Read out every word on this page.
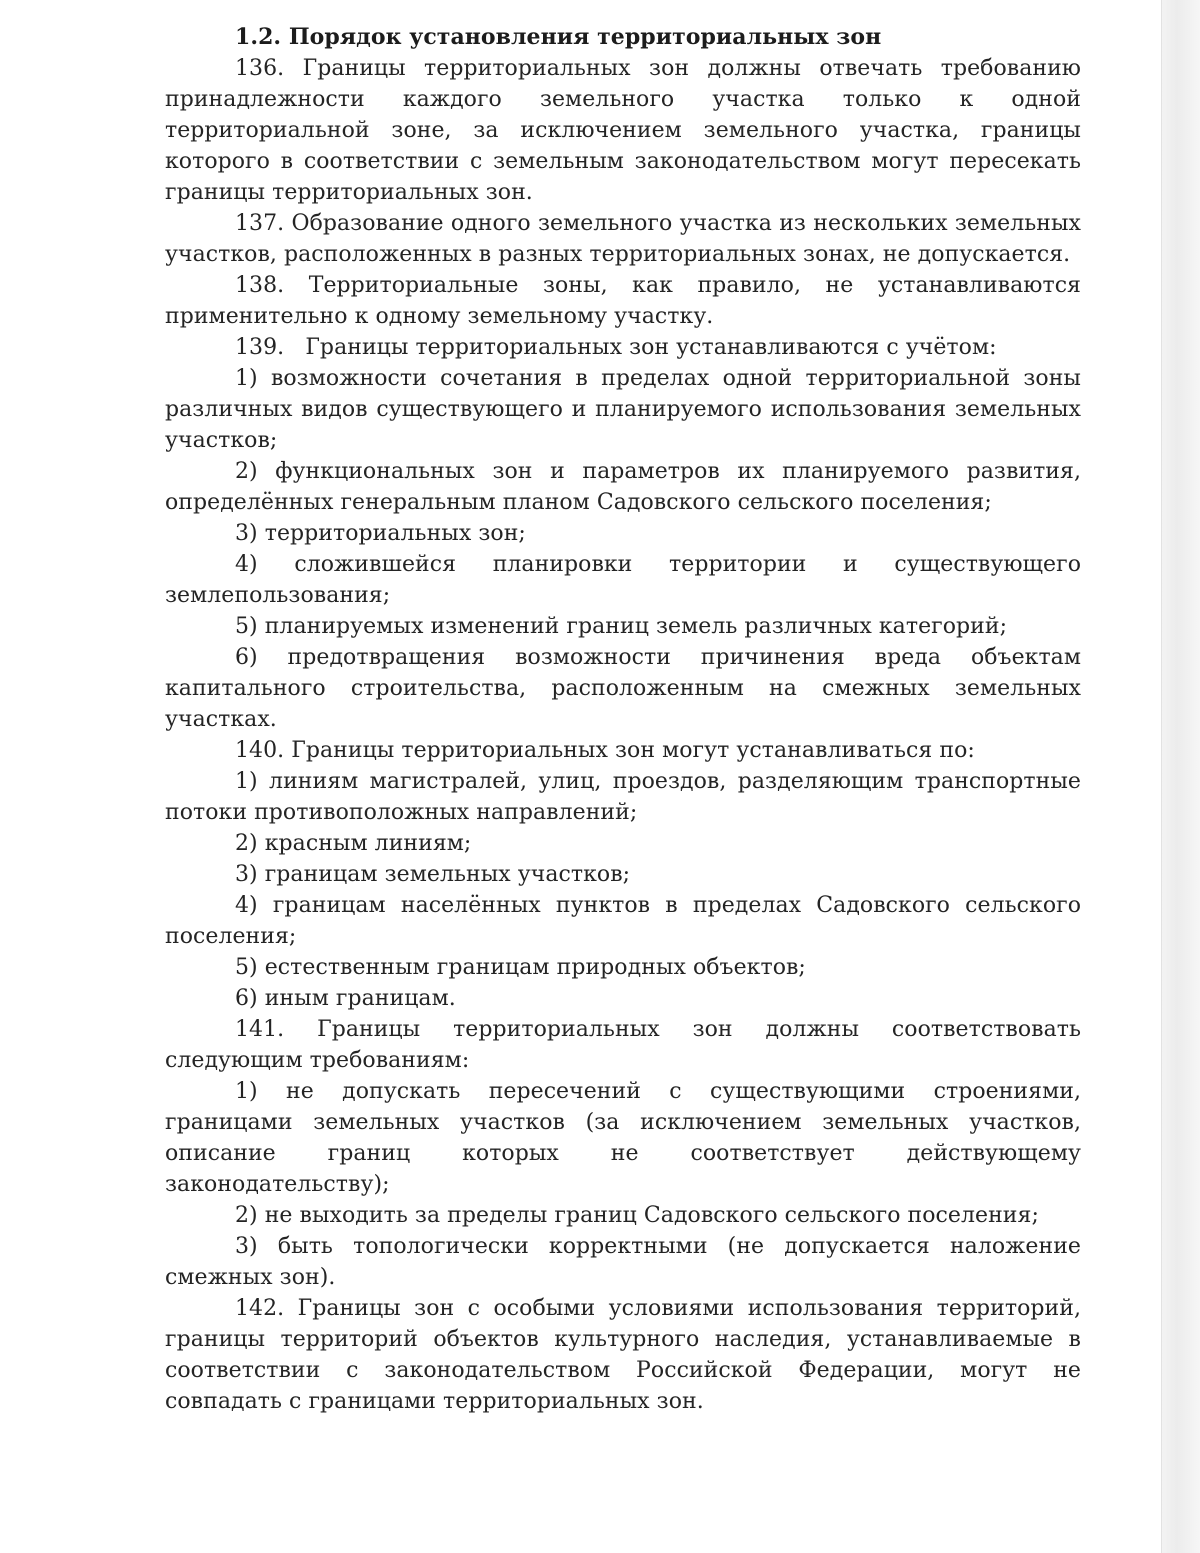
1.2. Порядок установления территориальных зон

136. Границы территориальных зон должны отвечать требованию принадлежности каждого земельного участка только к одной территориальной зоне, за исключением земельного участка, границы которого в соответствии с земельным законодательством могут пересекать границы территориальных зон.

137. Образование одного земельного участка из нескольких земельных участков, расположенных в разных территориальных зонах, не допускается.

138. Территориальные зоны, как правило, не устанавливаются применительно к одному земельному участку.

139.   Границы территориальных зон устанавливаются с учётом:

1) возможности сочетания в пределах одной территориальной зоны различных видов существующего и планируемого использования земельных участков;

2) функциональных зон и параметров их планируемого развития, определённых генеральным планом Садовского сельского поселения;

3) территориальных зон;

4) сложившейся планировки территории и существующего землепользования;

5) планируемых изменений границ земель различных категорий;

6) предотвращения возможности причинения вреда объектам капитального строительства, расположенным на смежных земельных участках.

140. Границы территориальных зон могут устанавливаться по:

1) линиям магистралей, улиц, проездов, разделяющим транспортные потоки противоположных направлений;

2) красным линиям;

3) границам земельных участков;

4) границам населённых пунктов в пределах Садовского сельского поселения;

5) естественным границам природных объектов;

6) иным границам.

141. Границы территориальных зон должны соответствовать следующим требованиям:

1) не допускать пересечений с существующими строениями, границами земельных участков (за исключением земельных участков, описание границ которых не соответствует действующему законодательству);

2) не выходить за пределы границ Садовского сельского поселения;

3) быть топологически корректными (не допускается наложение смежных зон).

142. Границы зон с особыми условиями использования территорий, границы территорий объектов культурного наследия, устанавливаемые в соответствии с законодательством Российской Федерации, могут не совпадать с границами территориальных зон.
